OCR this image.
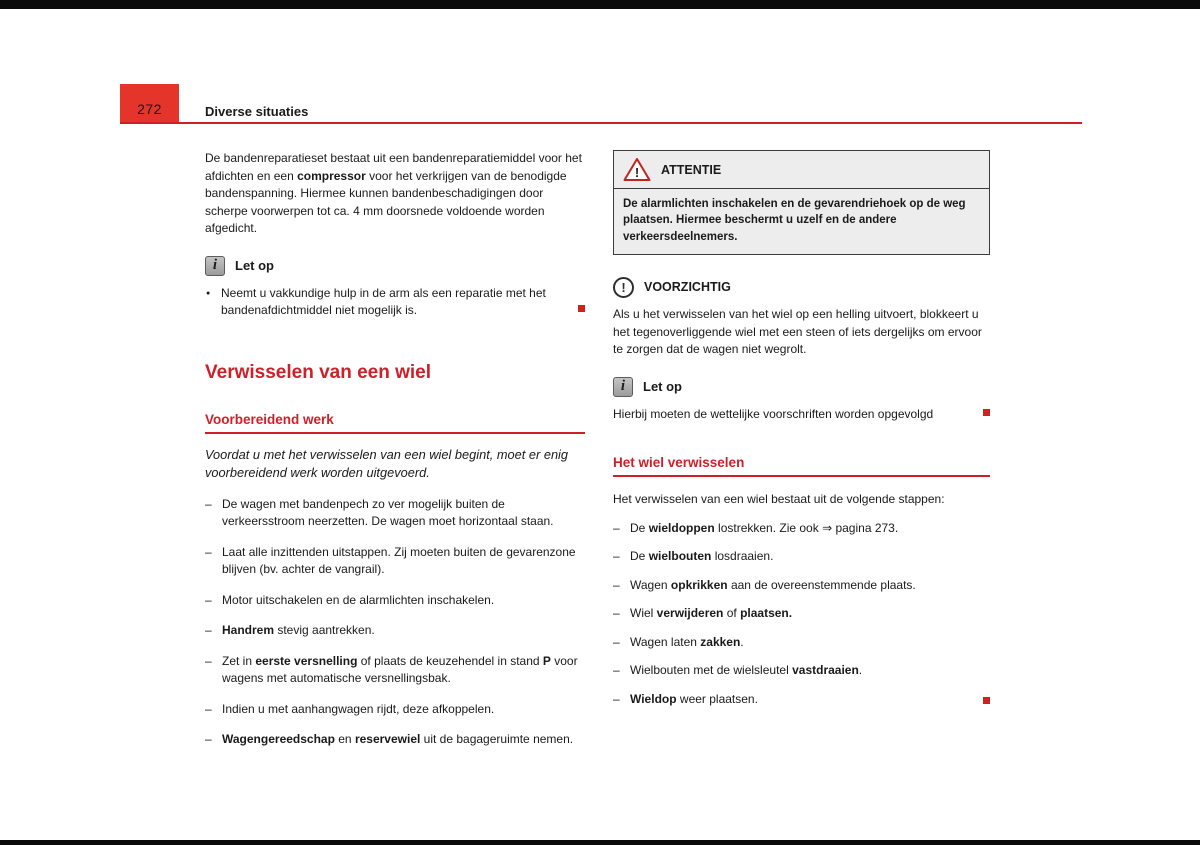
272	Diverse situaties

De bandenreparatieset bestaat uit een bandenreparatiemiddel voor het afdichten en een compressor voor het verkrijgen van de benodigde bandenspanning. Hiermee kunnen bandenbeschadigingen door scherpe voorwerpen tot ca. 4 mm doorsnede voldoende worden afgedicht.

i	Let op
● Neemt u vakkundige hulp in de arm als een reparatie met het bandenafdichtmiddel niet mogelijk is.
Verwisselen van een wiel
Voorbereidend werk

Voordat u met het verwisselen van een wiel begint, moet er enig voorbereidend werk worden uitgevoerd.

– De wagen met bandenpech zo ver mogelijk buiten de verkeersstroom neerzetten. De wagen moet horizontaal staan.
– Laat alle inzittenden uitstappen. Zij moeten buiten de gevarenzone blijven (bv. achter de vangrail).
– Motor uitschakelen en de alarmlichten inschakelen.
– Handrem stevig aantrekken.
– Zet in eerste versnelling of plaats de keuzehendel in stand P voor wagens met automatische versnellingsbak.
– Indien u met aanhangwagen rijdt, deze afkoppelen.
– Wagengereedschap en reservewiel uit de bagageruimte nemen.
! ATTENTIE
De alarmlichten inschakelen en de gevarendriehoek op de weg plaatsen. Hiermee beschermt u uzelf en de andere verkeersdeelnemers.
!	VOORZICHTIG
Als u het verwisselen van het wiel op een helling uitvoert, blokkeert u het tegenoverliggende wiel met een steen of iets dergelijks om ervoor te zorgen dat de wagen niet wegrolt.
i	Let op
Hierbij moeten de wettelijke voorschriften worden opgevolgd
Het wiel verwisselen

Het verwisselen van een wiel bestaat uit de volgende stappen:

– De wieldoppen lostrekken. Zie ook ⇒ pagina 273.
– De wielbouten losdraaien.
– Wagen opkrikken aan de overeenstemmende plaats.
– Wiel verwijderen of plaatsen.
– Wagen laten zakken.
– Wielbouten met de wielsleutel vastdraaien.
– Wieldop weer plaatsen.
